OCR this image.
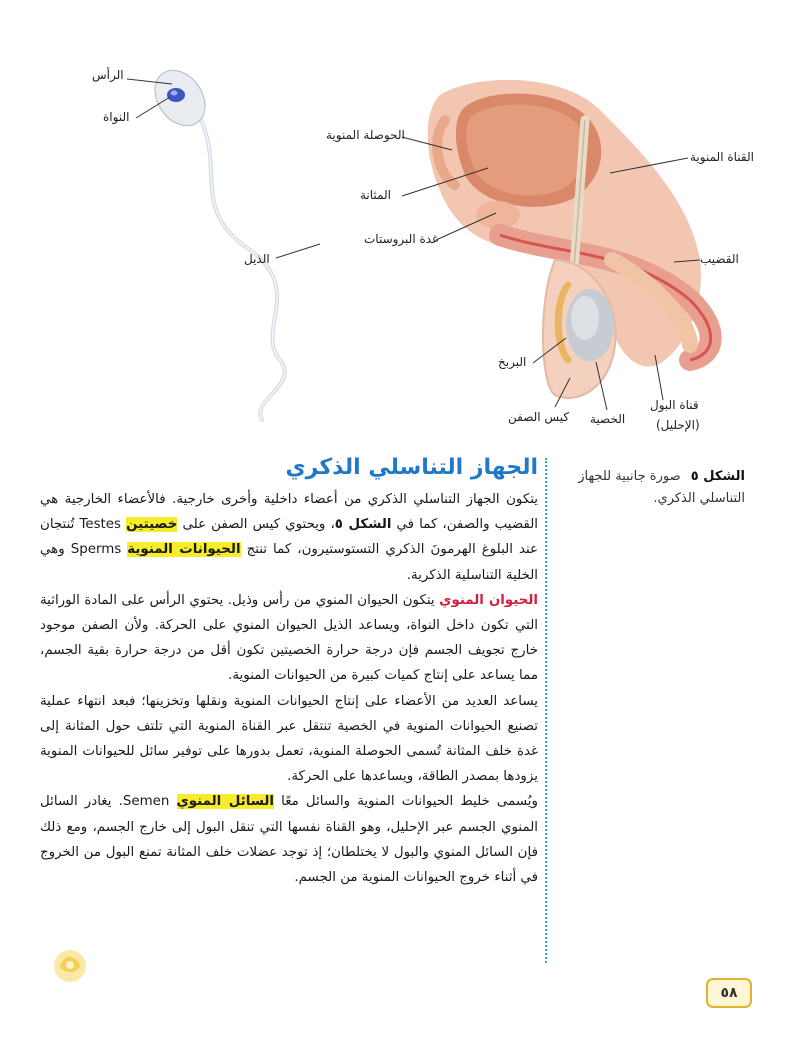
الرأس
النواة
الذيل
الحوصلة المنوية
المثانة
غدة البروستات
القناة المنوية
القضيب
البربخ
كيس الصفن الخصية
قناة البول
(الإحليل)
الشكل ٥ صورة جانبية للجهاز التناسلي الذكري.
الجهاز التناسلي الذكري

يتكون الجهاز التناسلي الذكري من أعضاء داخلية وأخرى خارجية. فالأعضاء الخارجية هي القضيب والصفن، كما في الشكل ٥، ويحتوي كيس الصفن على خصيتين Testes تُنتجان عند البلوغ الهرمونَ الذكري التستوستيرون، كما تنتج الحيوانات المنوية Sperms وهي الخلية التناسلية الذكرية.

الحيوان المنوي يتكون الحيوان المنوي من رأس وذيل. يحتوي الرأس على المادة الوراثية التي تكون داخل النواة، ويساعد الذيل الحيوان المنوي على الحركة. ولأن الصفن موجود خارج تجويف الجسم فإن درجة حرارة الخصيتين تكون أقل من درجة حرارة بقية الجسم، مما يساعد على إنتاج كميات كبيرة من الحيوانات المنوية.

يساعد العديد من الأعضاء على إنتاج الحيوانات المنوية ونقلها وتخزينها؛ فبعد انتهاء عملية تصنيع الحيوانات المنوية في الخصية تنتقل عبر القناة المنوية التي تلتف حول المثانة إلى غدة خلف المثانة تُسمى الحوصلة المنوية، تعمل بدورها على توفير سائل للحيوانات المنوية يزودها بمصدر الطاقة، ويساعدها على الحركة.

ويُسمى خليط الحيوانات المنوية والسائل معًا السائل المنوي Semen. يغادر السائل المنوي الجسم عبر الإحليل، وهو القناة نفسها التي تنقل البول إلى خارج الجسم، ومع ذلك فإن السائل المنوي والبول لا يختلطان؛ إذ توجد عضلات خلف المثانة تمنع البول من الخروج في أثناء خروج الحيوانات المنوية من الجسم.

٥٨
